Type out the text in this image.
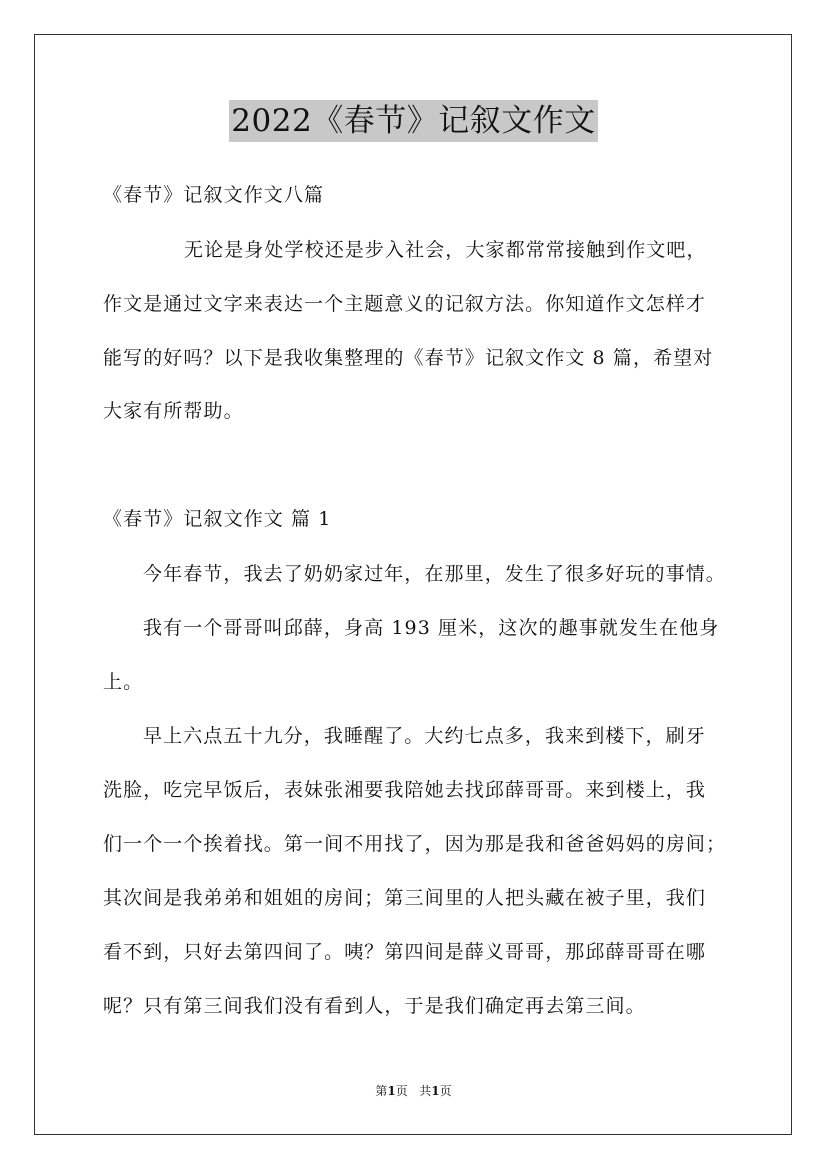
2022《春节》记叙文作文
《春节》记叙文作文八篇
无论是身处学校还是步入社会，大家都常常接触到作文吧，
作文是通过文字来表达一个主题意义的记叙方法。你知道作文怎样才
能写的好吗？以下是我收集整理的《春节》记叙文作文 8 篇，希望对
大家有所帮助。
《春节》记叙文作文 篇 1
今年春节，我去了奶奶家过年，在那里，发生了很多好玩的事情。
我有一个哥哥叫邱薛，身高 193 厘米，这次的趣事就发生在他身
上。
早上六点五十九分，我睡醒了。大约七点多，我来到楼下，刷牙
洗脸，吃完早饭后，表妹张湘要我陪她去找邱薛哥哥。来到楼上，我
们一个一个挨着找。第一间不用找了，因为那是我和爸爸妈妈的房间；
其次间是我弟弟和姐姐的房间；第三间里的人把头藏在被子里，我们
看不到，只好去第四间了。咦？第四间是薛义哥哥，那邱薛哥哥在哪
呢？只有第三间我们没有看到人，于是我们确定再去第三间。
第1页   共1页
